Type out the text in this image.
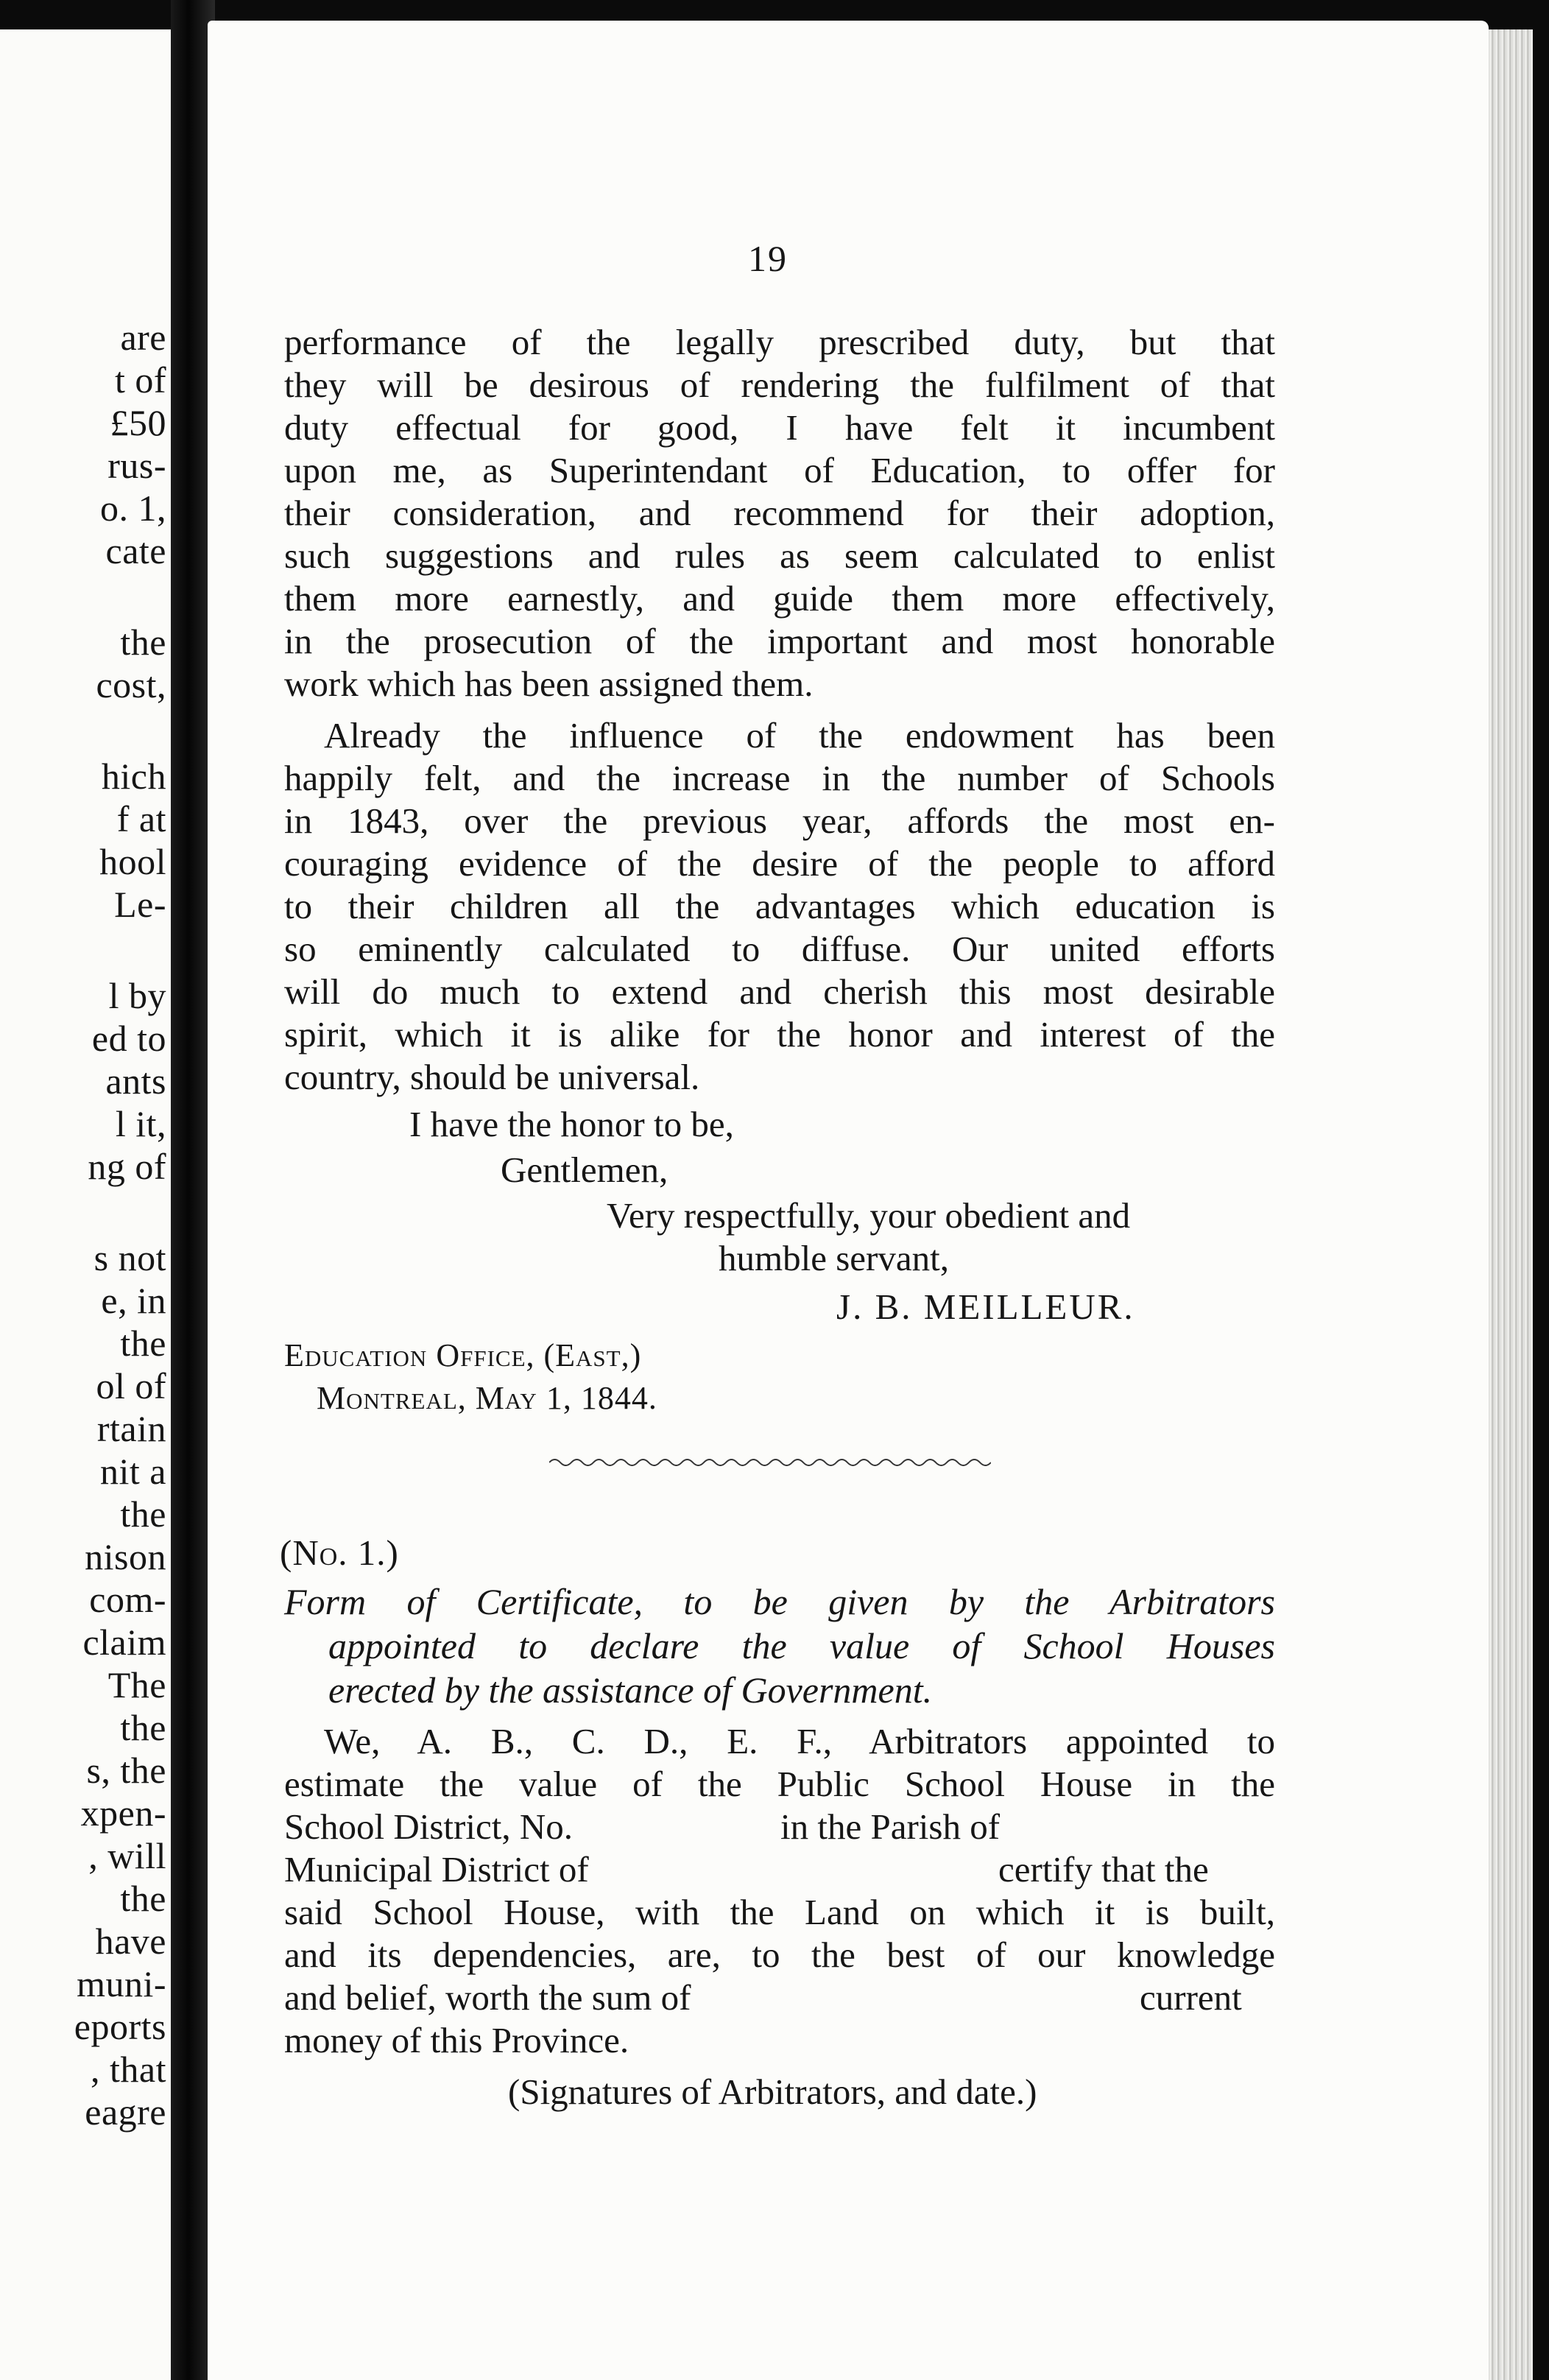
are
t of
£50
rus-
o. 1,
cate
the
cost,
hich
f at
hool
Le-
l by
ed to
ants
l it,
ng of
s not
e, in
the
ol of
rtain
nit a
the
nison
com-
claim
The
the
s, the
xpen-
, will
the
have
muni-
eports
, that
eagre
19
performance of the legally prescribed duty, but that
they will be desirous of rendering the fulfilment of that
duty effectual for good, I have felt it incumbent
upon me, as Superintendant of Education, to offer for
their consideration, and recommend for their adoption,
such suggestions and rules as seem calculated to enlist
them more earnestly, and guide them more effectively,
in the prosecution of the important and most honorable
work which has been assigned them.
Already the influence of the endowment has been
happily felt, and the increase in the number of Schools
in 1843, over the previous year, affords the most en-
couraging evidence of the desire of the people to afford
to their children all the advantages which education is
so eminently calculated to diffuse. Our united efforts
will do much to extend and cherish this most desirable
spirit, which it is alike for the honor and interest of the
country, should be universal.
I have the honor to be,
Gentlemen,
Very respectfully, your obedient and
humble servant,
J. B. MEILLEUR.
Education Office, (East,)
Montreal, May 1, 1844.
(No. 1.)
Form of Certificate, to be given by the Arbitrators
appointed to declare the value of School Houses
erected by the assistance of Government.
We, A. B., C. D., E. F., Arbitrators appointed to
estimate the value of the Public School House in the
School District, No.	in the Parish of
Municipal District of	certify that the
said School House, with the Land on which it is built,
and its dependencies, are, to the best of our knowledge
and belief, worth the sum of	current
money of this Province.
(Signatures of Arbitrators, and date.)
